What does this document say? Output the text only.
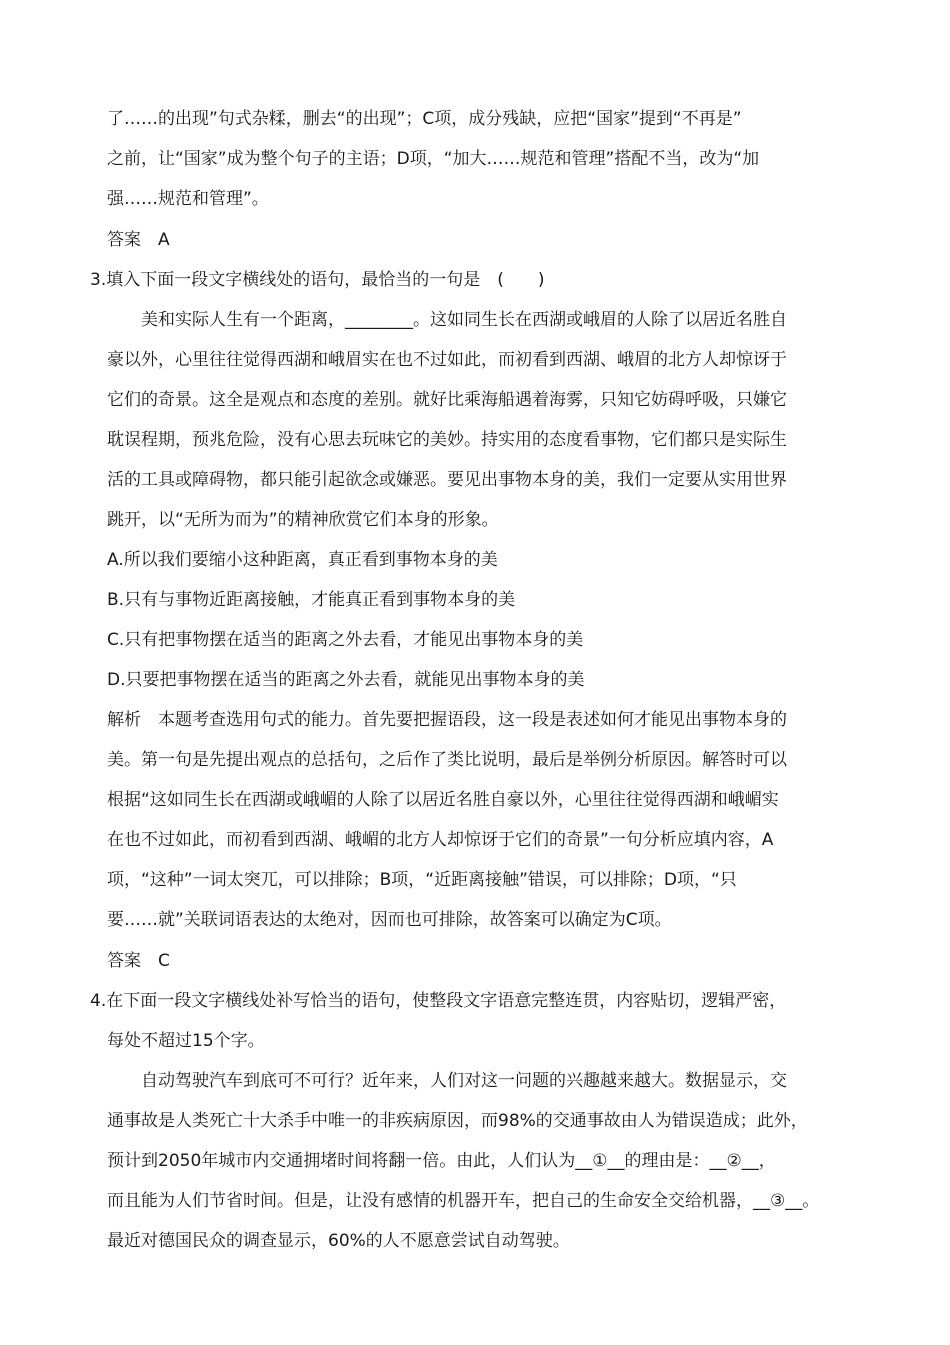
了……的出现”句式杂糅，删去“的出现”；C项，成分残缺，应把“国家”提到“不再是”
之前，让“国家”成为整个句子的主语；D项，“加大……规范和管理”搭配不当，改为“加
强……规范和管理”。
答案　A
3.填入下面一段文字横线处的语句，最恰当的一句是　(　　)
　　美和实际人生有一个距离，________。这如同生长在西湖或峨眉的人除了以居近名胜自
豪以外，心里往往觉得西湖和峨眉实在也不过如此，而初看到西湖、峨眉的北方人却惊讶于
它们的奇景。这全是观点和态度的差别。就好比乘海船遇着海雾，只知它妨碍呼吸，只嫌它
耽误程期，预兆危险，没有心思去玩味它的美妙。持实用的态度看事物，它们都只是实际生
活的工具或障碍物，都只能引起欲念或嫌恶。要见出事物本身的美，我们一定要从实用世界
跳开，以“无所为而为”的精神欣赏它们本身的形象。
A.所以我们要缩小这种距离，真正看到事物本身的美
B.只有与事物近距离接触，才能真正看到事物本身的美
C.只有把事物摆在适当的距离之外去看，才能见出事物本身的美
D.只要把事物摆在适当的距离之外去看，就能见出事物本身的美
解析　本题考查选用句式的能力。首先要把握语段，这一段是表述如何才能见出事物本身的
美。第一句是先提出观点的总括句，之后作了类比说明，最后是举例分析原因。解答时可以
根据“这如同生长在西湖或峨嵋的人除了以居近名胜自豪以外，心里往往觉得西湖和峨嵋实
在也不过如此，而初看到西湖、峨嵋的北方人却惊讶于它们的奇景”一句分析应填内容，A
项，“这种”一词太突兀，可以排除；B项，“近距离接触”错误，可以排除；D项，“只
要……就”关联词语表达的太绝对，因而也可排除，故答案可以确定为C项。
答案　C
4.在下面一段文字横线处补写恰当的语句，使整段文字语意完整连贯，内容贴切，逻辑严密，
每处不超过15个字。
　　自动驾驶汽车到底可不可行？近年来，人们对这一问题的兴趣越来越大。数据显示，交
通事故是人类死亡十大杀手中唯一的非疾病原因，而98%的交通事故由人为错误造成；此外，
预计到2050年城市内交通拥堵时间将翻一倍。由此，人们认为__①__的理由是：__②__，
而且能为人们节省时间。但是，让没有感情的机器开车，把自己的生命安全交给机器，__③__。
最近对德国民众的调查显示，60%的人不愿意尝试自动驾驶。
